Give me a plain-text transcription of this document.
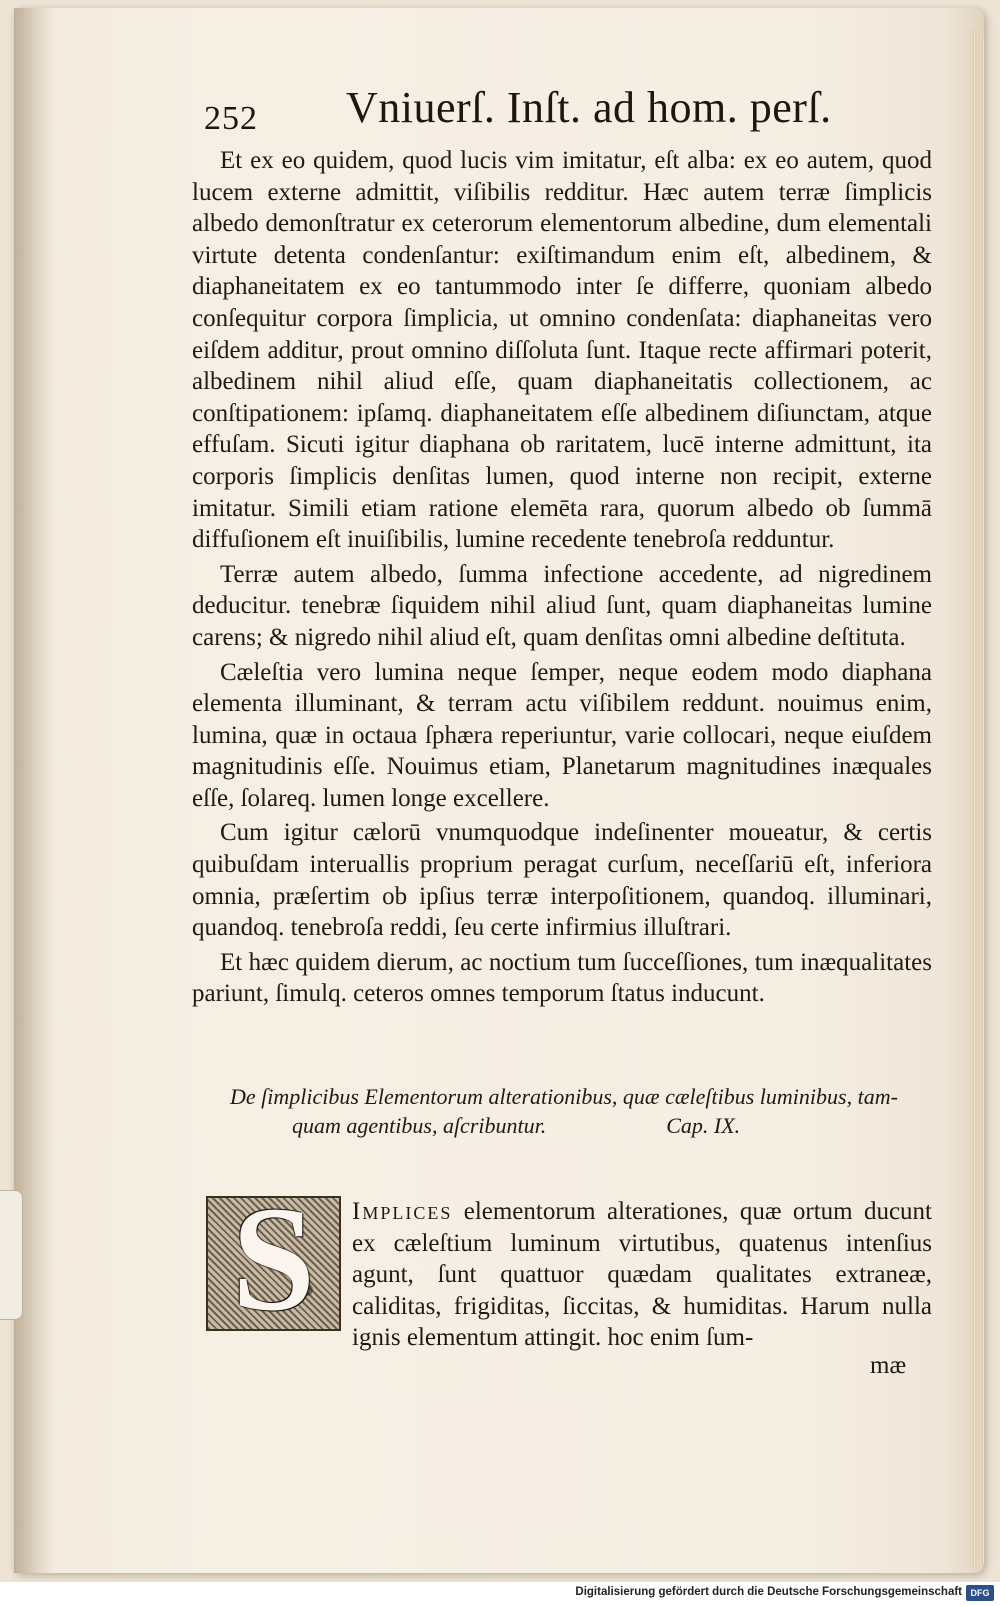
252 Vniuerſ. Inſt. ad hom. perſ.

Et ex eo quidem, quod lucis vim imitatur, eſt alba: ex eo autem, quod lucem externe admittit, viſibilis redditur. Hæc autem terræ ſimplicis albedo demonſtratur ex ceterorum elementorum albedine, dum elementali virtute detenta condenſantur: exiſtimandum enim eſt, albedinem, & diaphaneitatem ex eo tantummodo inter ſe differre, quoniam albedo conſequitur corpora ſimplicia, ut omnino condenſata: diaphaneitas vero eiſdem additur, prout omnino diſſoluta ſunt. Itaque recte affirmari poterit, albedinem nihil aliud eſſe, quam diaphaneitatis collectionem, ac conſtipationem: ipſamq. diaphaneitatem eſſe albedinem diſiunctam, atque effuſam. Sicuti igitur diaphana ob raritatem, lucē interne admittunt, ita corporis ſimplicis denſitas lumen, quod interne non recipit, externe imitatur. Simili etiam ratione elemēta rara, quorum albedo ob ſummā diffuſionem eſt inuiſibilis, lumine recedente tenebroſa redduntur.

Terræ autem albedo, ſumma infectione accedente, ad nigredinem deducitur. tenebræ ſiquidem nihil aliud ſunt, quam diaphaneitas lumine carens; & nigredo nihil aliud eſt, quam denſitas omni albedine deſtituta.

Cæleſtia vero lumina neque ſemper, neque eodem modo diaphana elementa illuminant, & terram actu viſibilem reddunt. nouimus enim, lumina, quæ in octaua ſphæra reperiuntur, varie collocari, neque eiuſdem magnitudinis eſſe. Nouimus etiam, Planetarum magnitudines inæquales eſſe, ſolareq. lumen longe excellere.

Cum igitur cælorū vnumquodque indeſinenter moueatur, & certis quibuſdam interuallis proprium peragat curſum, neceſſariū eſt, inferiora omnia, præſertim ob ipſius terræ interpoſitionem, quandoq. illuminari, quandoq. tenebroſa reddi, ſeu certe infirmius illuſtrari.

Et hæc quidem dierum, ac noctium tum ſucceſſiones, tum inæqualitates pariunt, ſimulq. ceteros omnes temporum ſtatus inducunt.

De ſimplicibus Elementorum alterationibus, quæ cæleſtibus luminibus, tam-
quam agentibus, aſcribuntur.	Cap. IX.
S	Implices elementorum alterationes, quæ ortum ducunt ex cæleſtium luminum virtutibus, quatenus intenſius agunt, ſunt quattuor quædam qualitates extraneæ, caliditas, frigiditas, ſiccitas, & humiditas. Harum nulla ignis elementum attingit. hoc enim ſum-
mæ
Digitalisierung gefördert durch die Deutsche Forschungsgemeinschaft DFG
